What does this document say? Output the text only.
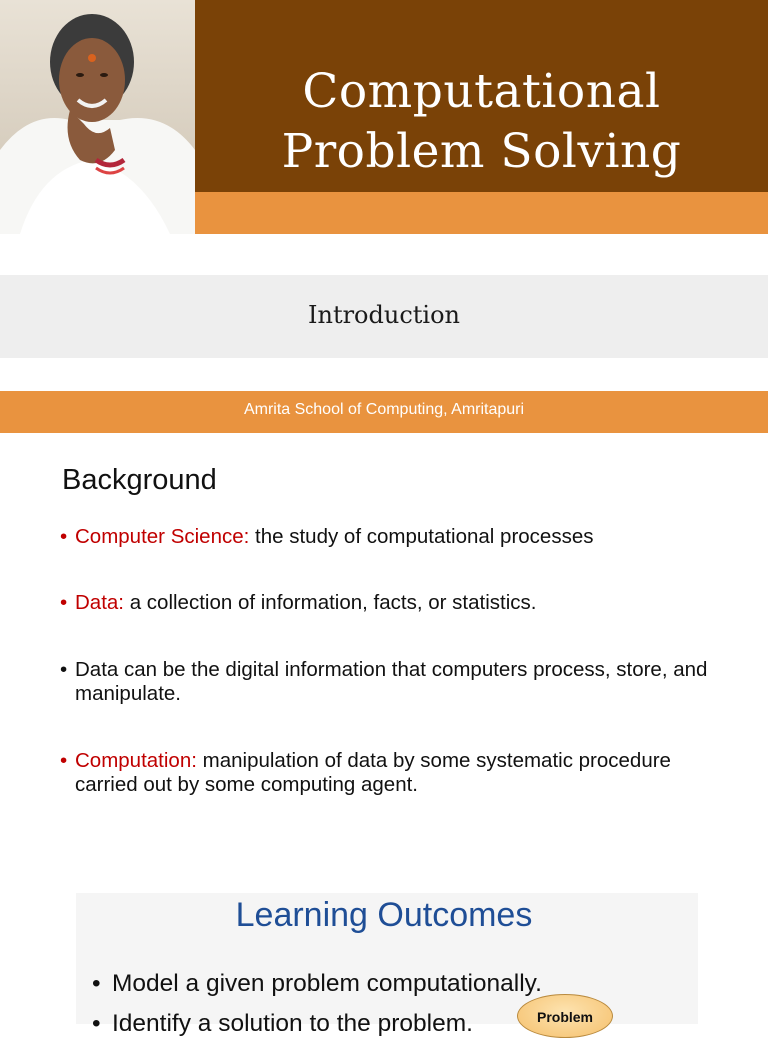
Computational
Problem Solving
Introduction
Amrita School of Computing, Amritapuri
Background
• Computer Science: the study of computational processes
• Data: a collection of information, facts, or statistics.
• Data can be the digital information that computers process, store, and manipulate.
• Computation: manipulation of data by some systematic procedure carried out by some computing agent.
Learning Outcomes
• Model a given problem computationally.
• Identify a solution to the problem.	Problem
